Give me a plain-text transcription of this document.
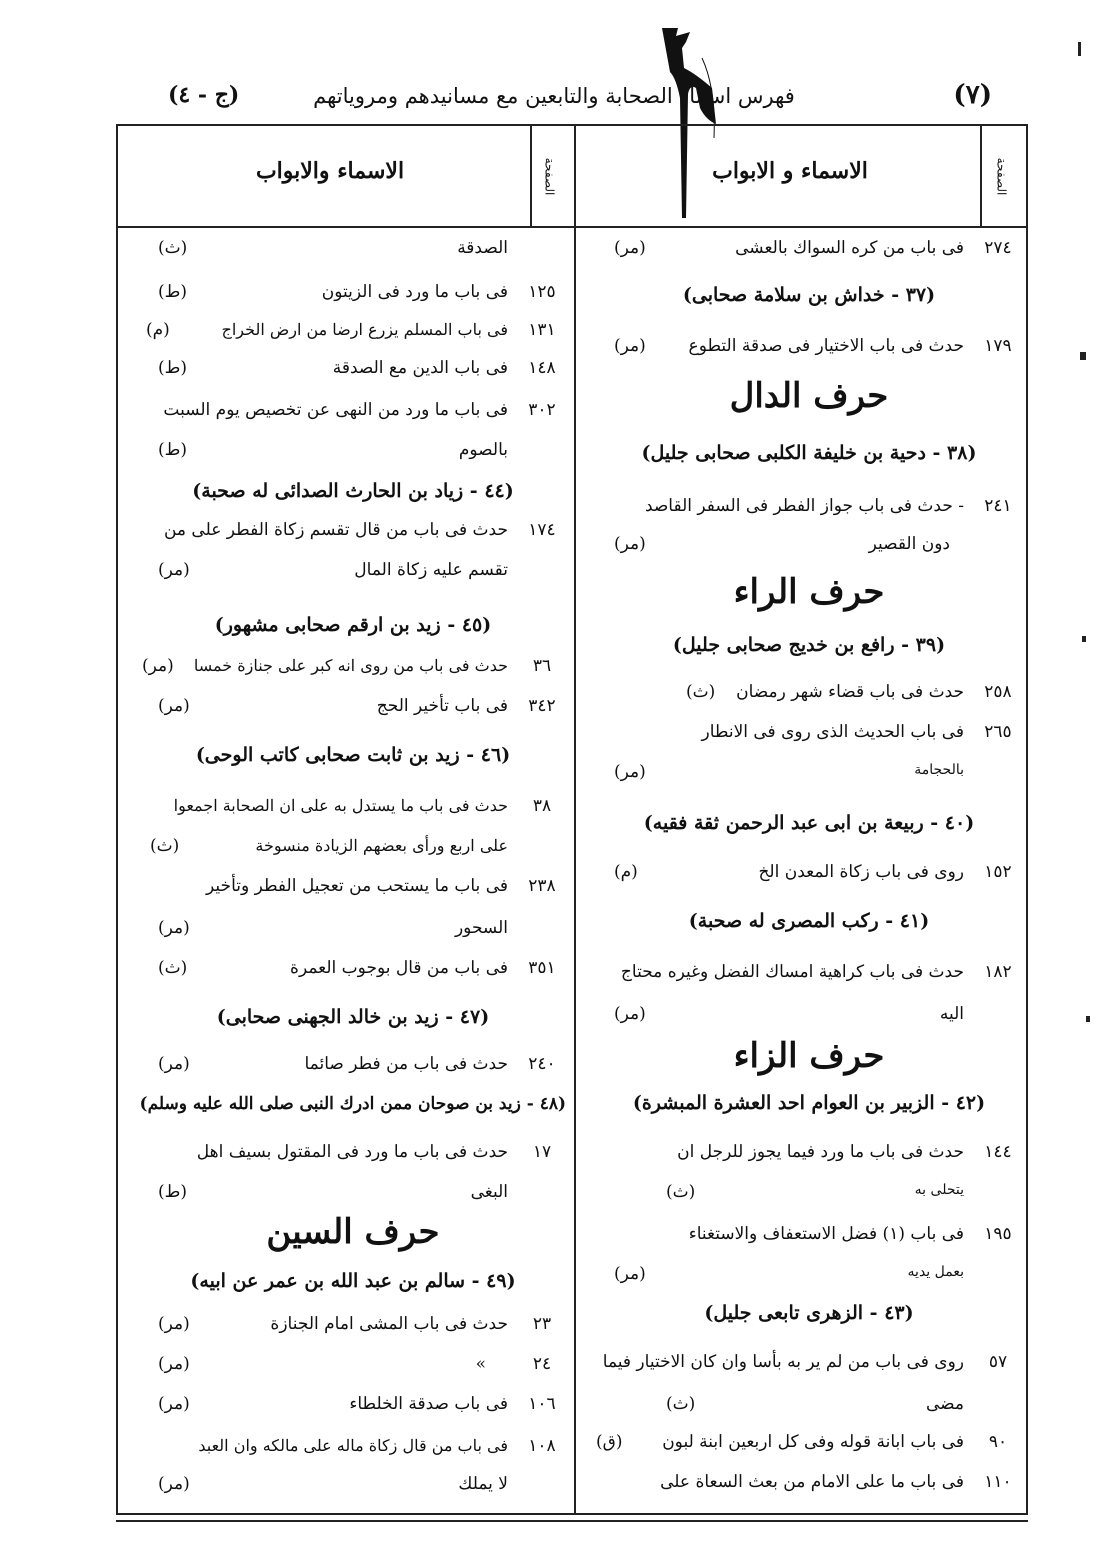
(٧)
فهرس اسماء الصحابة والتابعين مع مسانيدهم ومروياتهم
(ج - ٤)
الاسماء و الابواب
الاسماء والابواب	الصفحة
الصفحة
٢٧٤
فى باب من كره السواك بالعشى
(مر)
(٣٧ - خداش بن سلامة صحابى)
١٧٩
حدث فى باب الاختيار فى صدقة التطوع
(مر)
حرف الدال
(٣٨ - دحية بن خليفة الكلبى صحابى جليل)
٢٤١
- حدث فى باب جواز الفطر فى السفر القاصد
دون القصير
(مر)
حرف الراء
(٣٩ - رافع بن خديج صحابى جليل)
٢٥٨
حدث فى باب قضاء شهر رمضان
(ث)
٢٦٥
فى باب الحديث الذى روى فى الانطار
بالحجامة
(مر)
(٤٠ - ربيعة بن ابى عبد الرحمن ثقة فقيه)
١٥٢
روى فى باب زكاة المعدن الخ
(م)
(٤١ - ركب المصرى له صحبة)
١٨٢
حدث فى باب كراهية امساك الفضل وغيره محتاج
اليه
(مر)
حرف الزاء
(٤٢ - الزبير بن العوام احد العشرة المبشرة)
١٤٤
حدث فى باب ما ورد فيما يجوز للرجل ان
يتحلى به
(ث)
١٩٥
فى باب (١) فضل الاستعفاف والاستغناء
بعمل يديه
(مر)
(٤٣ - الزهرى تابعى جليل)
٥٧
روى فى باب من لم ير به بأسا وان كان الاختيار فيما
مضى
(ث)
٩٠
فى باب ابانة قوله وفى كل اربعين ابنة لبون
(ق)
١١٠
فى باب ما على الامام من بعث السعاة على
الصدقة
(ث)
١٢٥
فى باب ما ورد فى الزيتون
(ط)
١٣١
فى باب المسلم يزرع ارضا من ارض الخراج
(م)
١٤٨
فى باب الدين مع الصدقة
(ط)
٣٠٢
فى باب ما ورد من النهى عن تخصيص يوم السبت
بالصوم
(ط)
(٤٤ - زياد بن الحارث الصدائى له صحبة)
١٧٤
حدث فى باب من قال تقسم زكاة الفطر على من
تقسم عليه زكاة المال
(مر)
(٤٥ - زيد بن ارقم صحابى مشهور)
٣٦
حدث فى باب من روى انه كبر على جنازة خمسا
(مر)
٣٤٢
فى باب تأخير الحج
(مر)
(٤٦ - زيد بن ثابت صحابى كاتب الوحى)
٣٨
حدث فى باب ما يستدل به على ان الصحابة اجمعوا
على اربع ورأى بعضهم الزيادة منسوخة
(ث)
٢٣٨
فى باب ما يستحب من تعجيل الفطر وتأخير
السحور
(مر)
٣٥١
فى باب من قال بوجوب العمرة
(ث)
(٤٧ - زيد بن خالد الجهنى صحابى)
٢٤٠
حدث فى باب من فطر صائما
(مر)
(٤٨ - زيد بن صوحان ممن ادرك النبى صلى الله عليه وسلم)
١٧
حدث فى باب ما ورد فى المقتول بسيف اهل
البغى
(ط)
حرف السين
(٤٩ - سالم بن عبد الله بن عمر عن ابيه)
٢٣
حدث فى باب المشى امام الجنازة
(مر)
٢٤
»
(مر)
١٠٦
فى باب صدقة الخلطاء
(مر)
١٠٨
فى باب من قال زكاة ماله على مالكه وان العبد
لا يملك
(مر)
